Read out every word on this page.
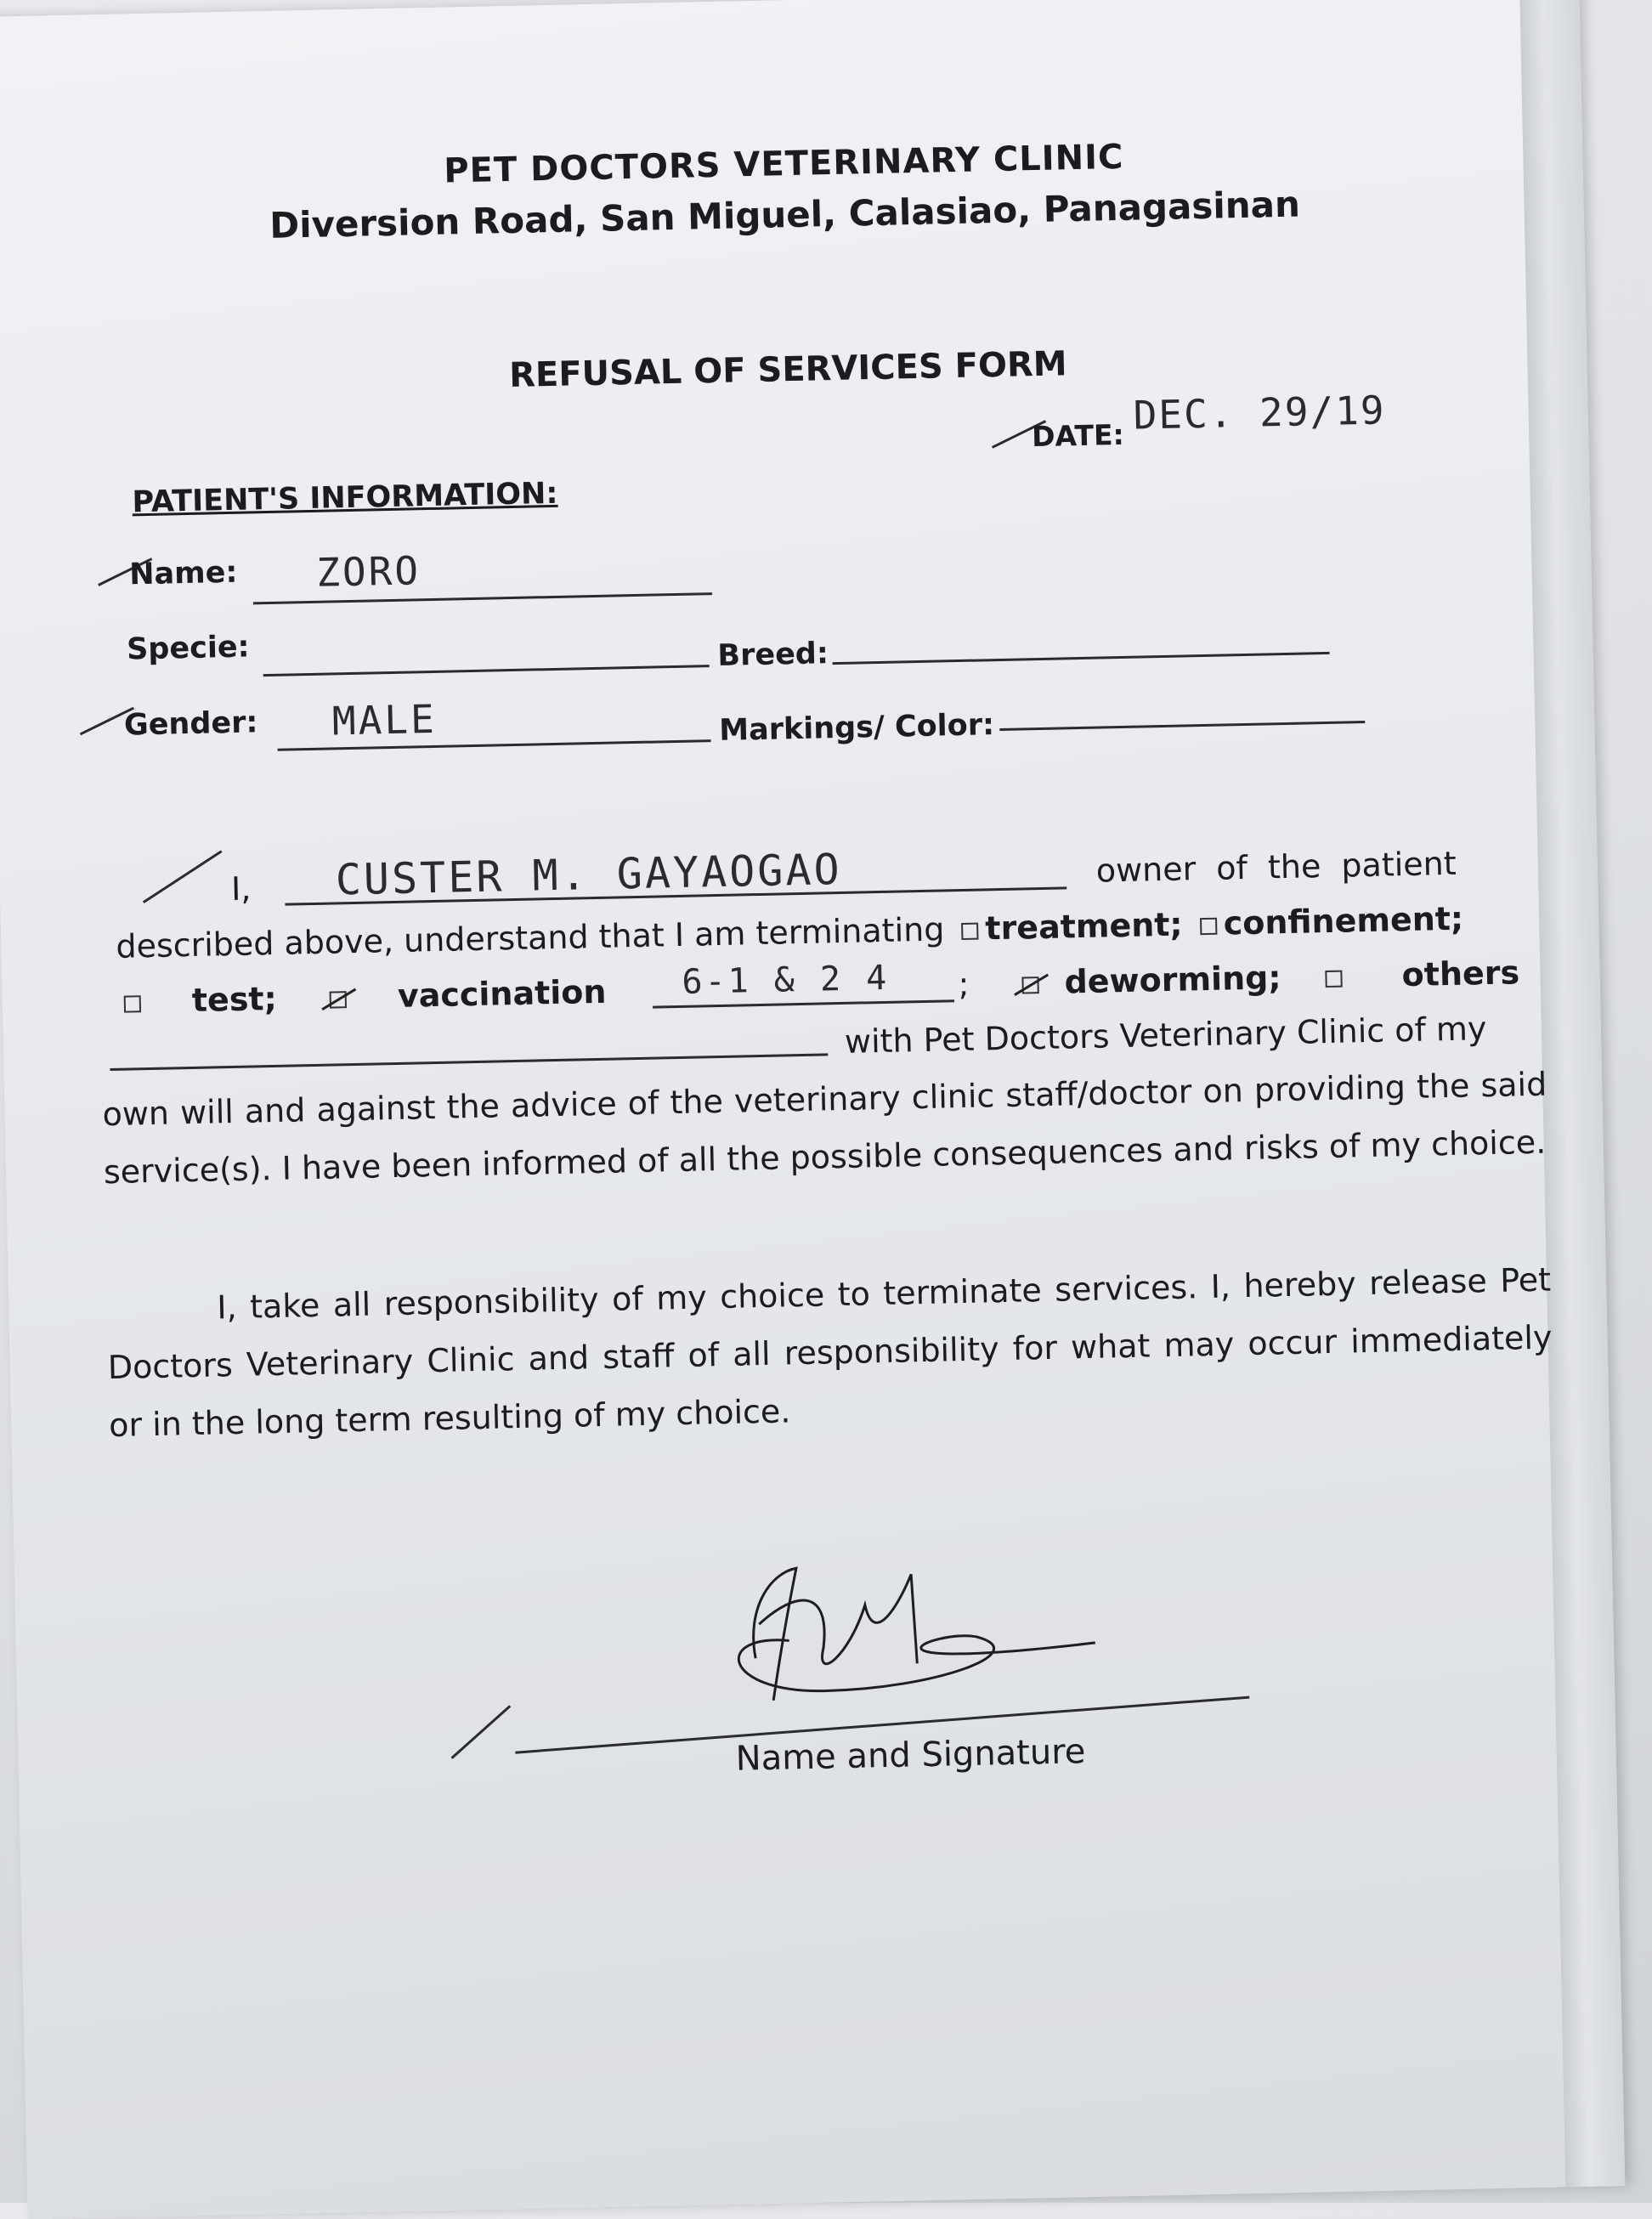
PET DOCTORS VETERINARY CLINIC
Diversion Road, San Miguel, Calasiao, Panagasinan
REFUSAL OF SERVICES FORM
DATE: DEC. 29/19
PATIENT'S INFORMATION:
Name: ZORO
Specie:	Breed:
Gender: MALE	Markings/ Color:
I, CUSTER M. GAYAOGAO	owner of the patient
described above, understand that I am terminating treatment; confinement;
test;	vaccination 6-1 & 2 4 ;	deworming;	others
with Pet Doctors Veterinary Clinic of my
own will and against the advice of the veterinary clinic staff/doctor on providing the said service(s). I have been informed of all the possible consequences and risks of my choice.
I, take all responsibility of my choice to terminate services. I, hereby release Pet Doctors Veterinary Clinic and staff of all responsibility for what may occur immediately or in the long term resulting of my choice.
Name and Signature
